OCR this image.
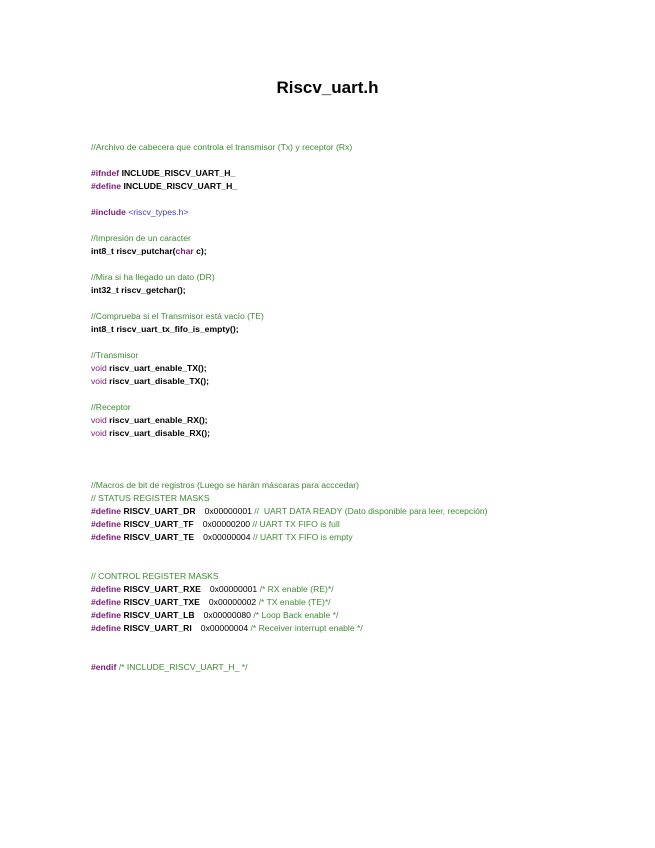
Riscv_uart.h
//Archivo de cabecera que controla el transmisor (Tx) y receptor (Rx)
#ifndef INCLUDE_RISCV_UART_H_
#define INCLUDE_RISCV_UART_H_
#include <riscv_types.h>
//Impresión de un caracter
int8_t riscv_putchar(char c);
//Mira si ha llegado un dato (DR)
int32_t riscv_getchar();
//Comprueba si el Transmisor está vacío (TE)
int8_t riscv_uart_tx_fifo_is_empty();
//Transmisor
void riscv_uart_enable_TX();
void riscv_uart_disable_TX();
//Receptor
void riscv_uart_enable_RX();
void riscv_uart_disable_RX();
//Macros de bit de registros (Luego se harán máscaras para acccedar)
// STATUS REGISTER MASKS
#define RISCV_UART_DR 0x00000001 //  UART DATA READY (Dato disponible para leer, recepción)
#define RISCV_UART_TF 0x00000200 // UART TX FIFO is full
#define RISCV_UART_TE 0x00000004 // UART TX FIFO is empty
// CONTROL REGISTER MASKS
#define RISCV_UART_RXE 0x00000001 /* RX enable (RE)*/
#define RISCV_UART_TXE 0x00000002 /* TX enable (TE)*/
#define RISCV_UART_LB 0x00000080 /* Loop Back enable */
#define RISCV_UART_RI 0x00000004 /* Receiver interrupt enable */
#endif /* INCLUDE_RISCV_UART_H_ */
